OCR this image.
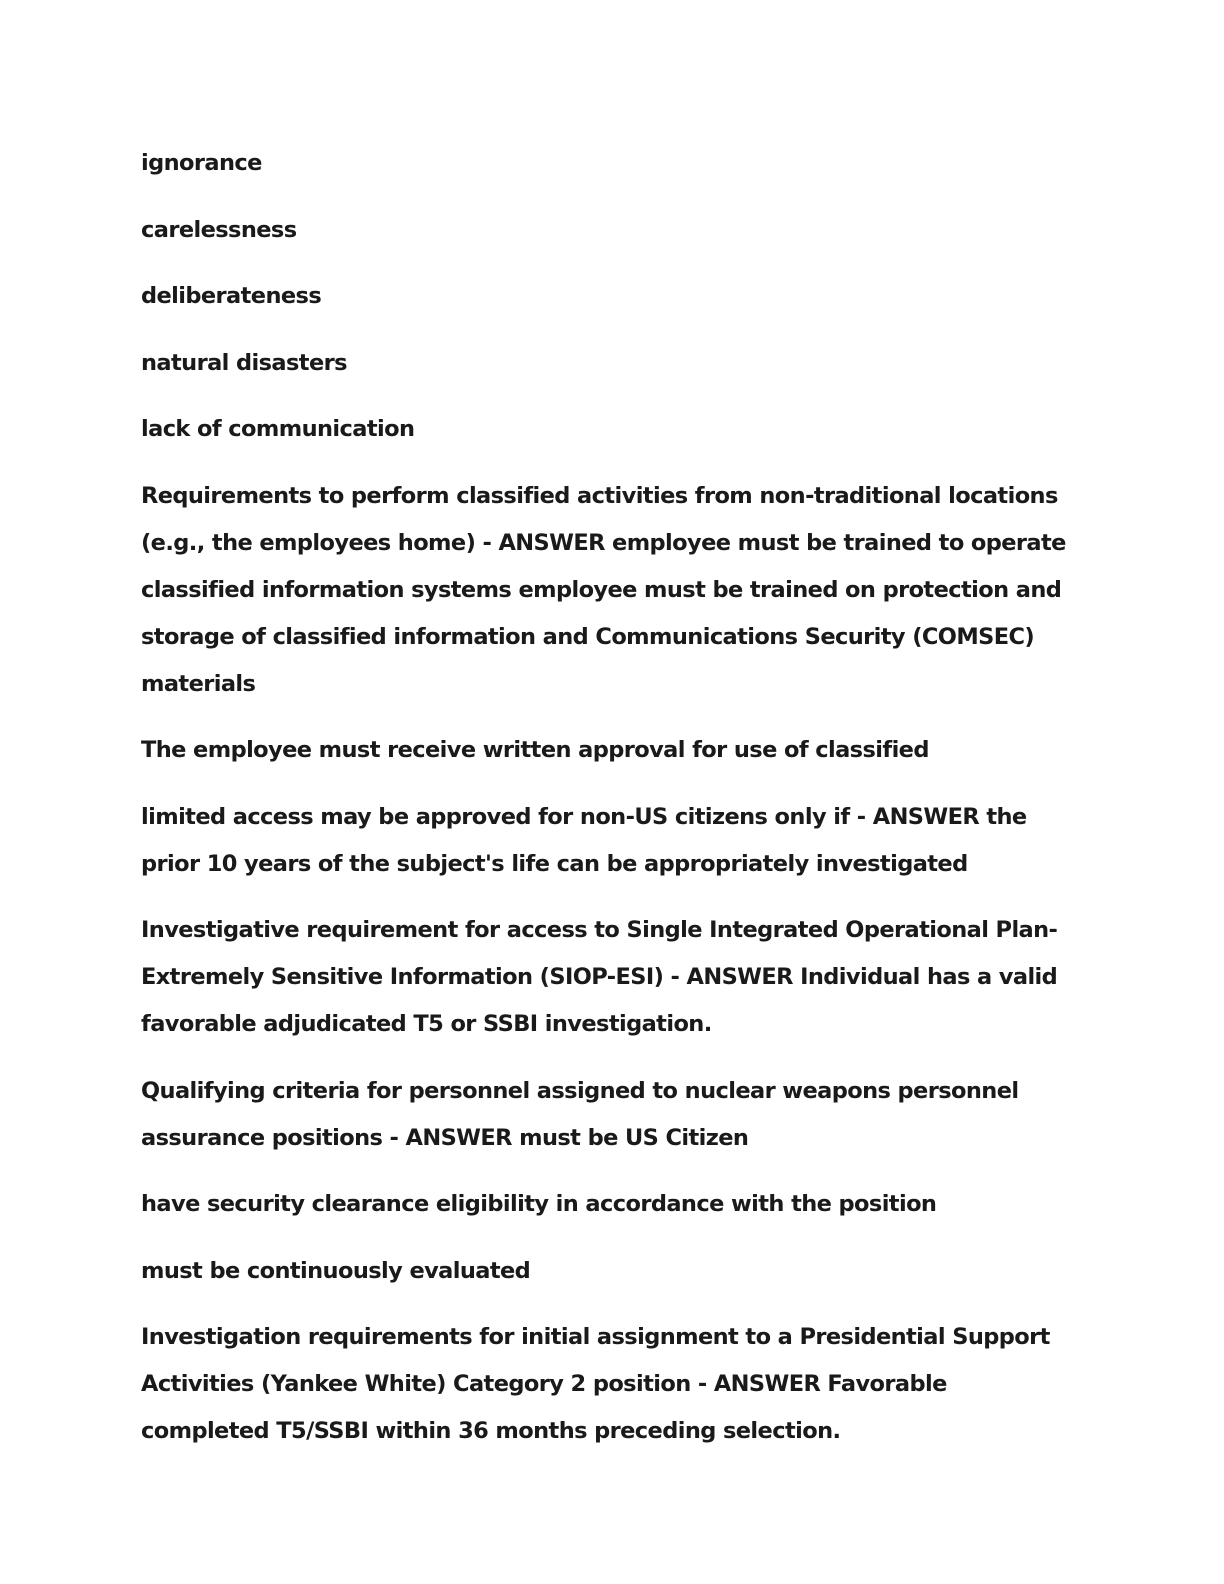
ignorance

carelessness

deliberateness

natural disasters

lack of communication

Requirements to perform classified activities from non-traditional locations (e.g., the employees home) - ANSWER employee must be trained to operate classified information systems employee must be trained on protection and storage of classified information and Communications Security (COMSEC) materials

The employee must receive written approval for use of classified

limited access may be approved for non-US citizens only if - ANSWER the prior 10 years of the subject's life can be appropriately investigated

Investigative requirement for access to Single Integrated Operational Plan-Extremely Sensitive Information (SIOP-ESI) - ANSWER Individual has a valid favorable adjudicated T5 or SSBI investigation.

Qualifying criteria for personnel assigned to nuclear weapons personnel assurance positions - ANSWER must be US Citizen

have security clearance eligibility in accordance with the position

must be continuously evaluated

Investigation requirements for initial assignment to a Presidential Support Activities (Yankee White) Category 2 position - ANSWER Favorable completed T5/SSBI within 36 months preceding selection.
